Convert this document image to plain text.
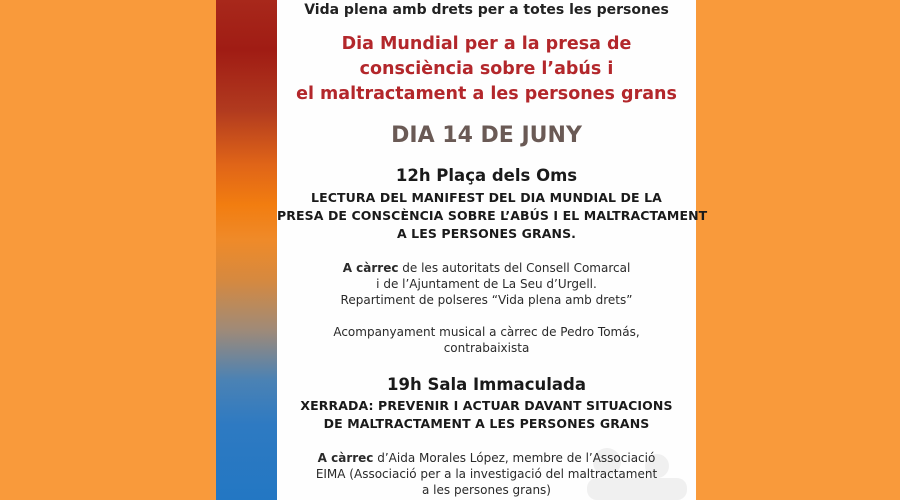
Vida plena amb drets per a totes les persones
Dia Mundial per a la presa de
consciència sobre l’abús i
el maltractament a les persones grans
DIA 14 DE JUNY
12h Plaça dels Oms
LECTURA DEL MANIFEST DEL DIA MUNDIAL DE LA
PRESA DE CONSCÈNCIA SOBRE L’ABÚS I EL MALTRACTAMENT
A LES PERSONES GRANS.
A càrrec de les autoritats del Consell Comarcal
i de l’Ajuntament de La Seu d’Urgell.
Repartiment de polseres “Vida plena amb drets”
Acompanyament musical a càrrec de Pedro Tomás,
contrabaixista
19h Sala Immaculada
XERRADA: PREVENIR I ACTUAR DAVANT SITUACIONS
DE MALTRACTAMENT A LES PERSONES GRANS
A càrrec d’Aida Morales López, membre de l’Associació
EIMA (Associació per a la investigació del maltractament
a les persones grans)
